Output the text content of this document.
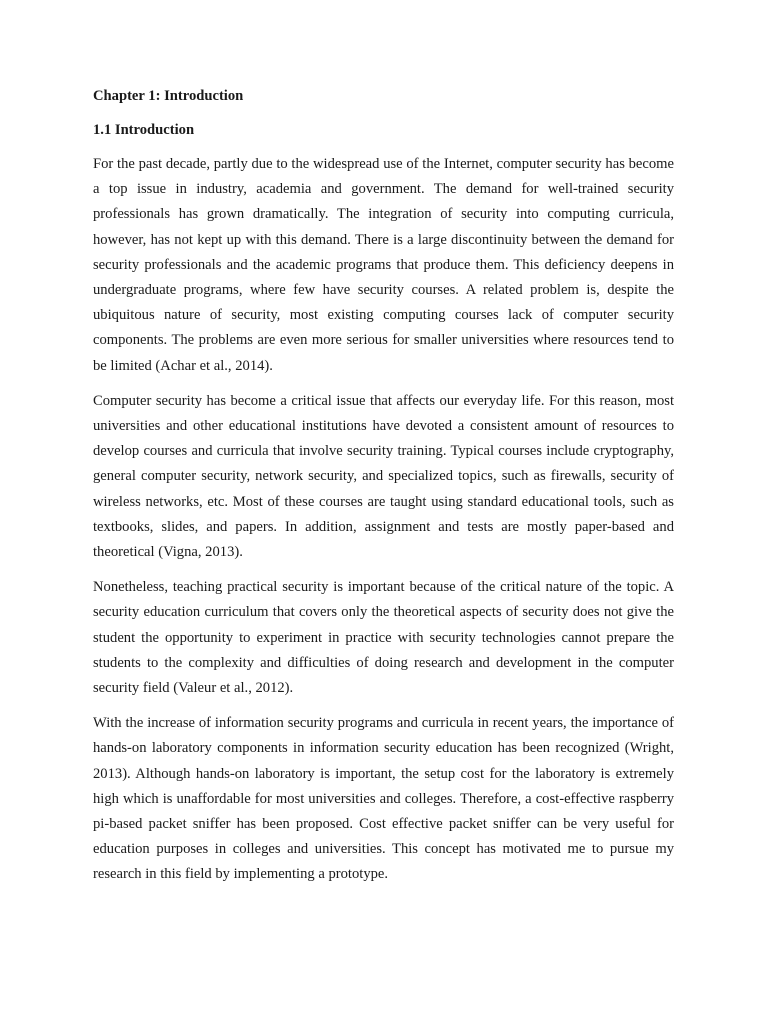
Chapter 1: Introduction
1.1 Introduction

For the past decade, partly due to the widespread use of the Internet, computer security has become a top issue in industry, academia and government. The demand for well-trained security professionals has grown dramatically. The integration of security into computing curricula, however, has not kept up with this demand. There is a large discontinuity between the demand for security professionals and the academic programs that produce them. This deficiency deepens in undergraduate programs, where few have security courses. A related problem is, despite the ubiquitous nature of security, most existing computing courses lack of computer security components. The problems are even more serious for smaller universities where resources tend to be limited (Achar et al., 2014).

Computer security has become a critical issue that affects our everyday life. For this reason, most universities and other educational institutions have devoted a consistent amount of resources to develop courses and curricula that involve security training. Typical courses include cryptography, general computer security, network security, and specialized topics, such as firewalls, security of wireless networks, etc. Most of these courses are taught using standard educational tools, such as textbooks, slides, and papers. In addition, assignment and tests are mostly paper-based and theoretical (Vigna, 2013).

Nonetheless, teaching practical security is important because of the critical nature of the topic. A security education curriculum that covers only the theoretical aspects of security does not give the student the opportunity to experiment in practice with security technologies cannot prepare the students to the complexity and difficulties of doing research and development in the computer security field (Valeur et al., 2012).

With the increase of information security programs and curricula in recent years, the importance of hands-on laboratory components in information security education has been recognized (Wright, 2013). Although hands-on laboratory is important, the setup cost for the laboratory is extremely high which is unaffordable for most universities and colleges. Therefore, a cost-effective raspberry pi-based packet sniffer has been proposed. Cost effective packet sniffer can be very useful for education purposes in colleges and universities. This concept has motivated me to pursue my research in this field by implementing a prototype.
